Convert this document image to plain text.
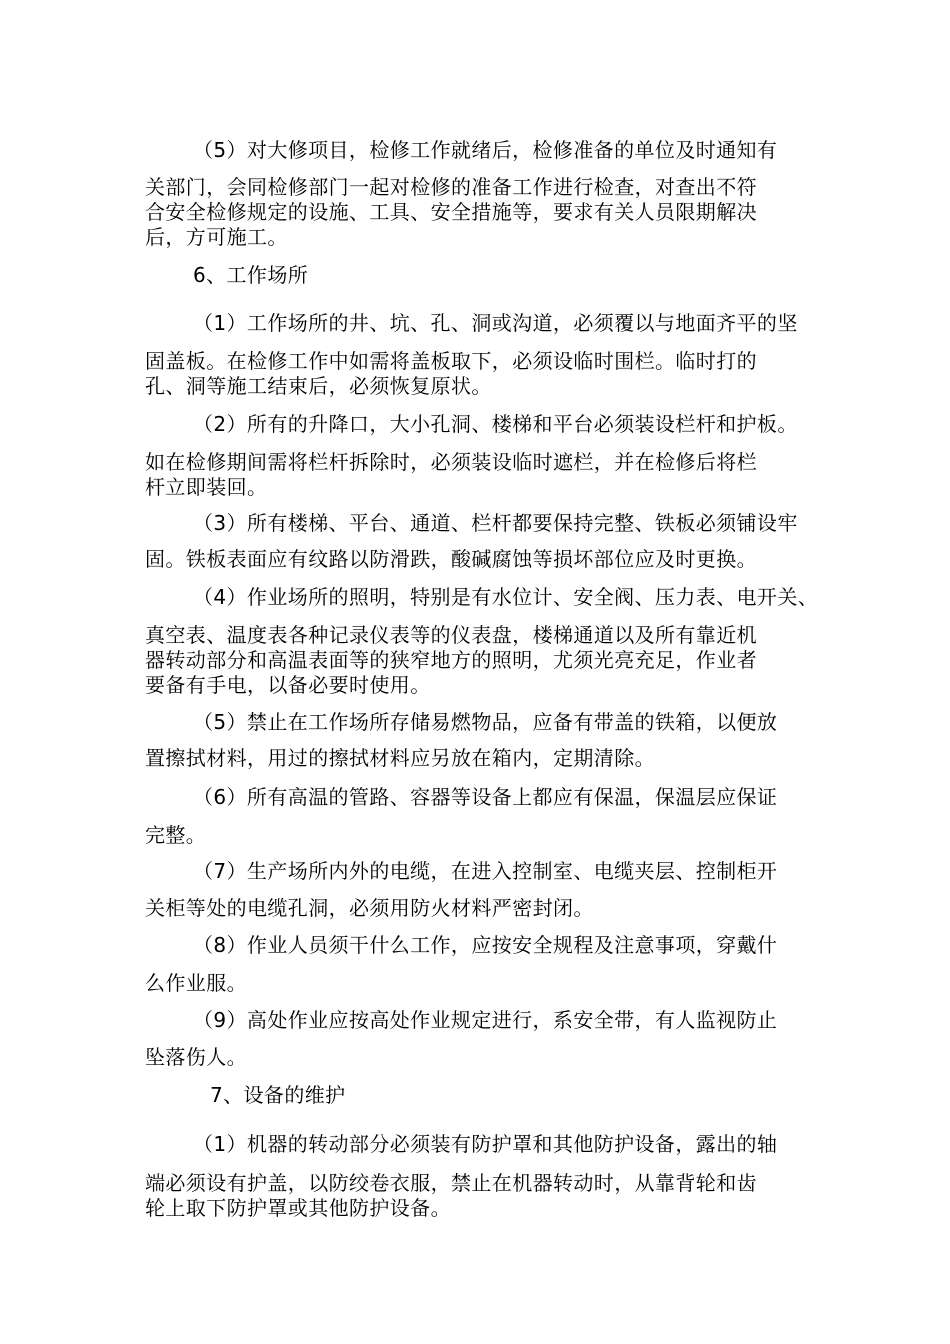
（5）对大修项目，检修工作就绪后，检修准备的单位及时通知有
关部门，会同检修部门一起对检修的准备工作进行检查，对查出不符
合安全检修规定的设施、工具、安全措施等，要求有关人员限期解决
后，方可施工。
6、工作场所
（1）工作场所的井、坑、孔、洞或沟道，必须覆以与地面齐平的坚
固盖板。在检修工作中如需将盖板取下，必须设临时围栏。临时打的
孔、洞等施工结束后，必须恢复原状。
（2）所有的升降口，大小孔洞、楼梯和平台必须装设栏杆和护板。
如在检修期间需将栏杆拆除时，必须装设临时遮栏，并在检修后将栏
杆立即装回。
（3）所有楼梯、平台、通道、栏杆都要保持完整、铁板必须铺设牢
固。铁板表面应有纹路以防滑跌，酸碱腐蚀等损坏部位应及时更换。
（4）作业场所的照明，特别是有水位计、安全阀、压力表、电开关、
真空表、温度表各种记录仪表等的仪表盘，楼梯通道以及所有靠近机
器转动部分和高温表面等的狭窄地方的照明，尤须光亮充足，作业者
要备有手电，以备必要时使用。
（5）禁止在工作场所存储易燃物品，应备有带盖的铁箱，以便放
置擦拭材料，用过的擦拭材料应另放在箱内，定期清除。
（6）所有高温的管路、容器等设备上都应有保温，保温层应保证
完整。
（7）生产场所内外的电缆，在进入控制室、电缆夹层、控制柜开
关柜等处的电缆孔洞，必须用防火材料严密封闭。
（8）作业人员须干什么工作，应按安全规程及注意事项，穿戴什
么作业服。
（9）高处作业应按高处作业规定进行，系安全带，有人监视防止
坠落伤人。
7、设备的维护
（1）机器的转动部分必须装有防护罩和其他防护设备，露出的轴
端必须设有护盖，以防绞卷衣服，禁止在机器转动时，从靠背轮和齿
轮上取下防护罩或其他防护设备。
